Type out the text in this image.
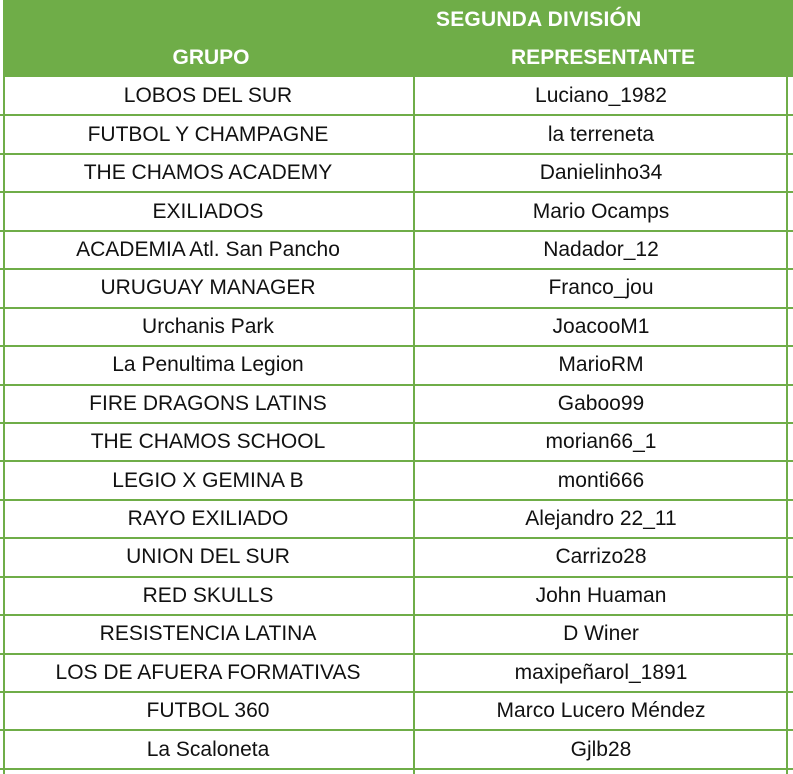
SEGUNDA DIVISIÓN
GRUPO	REPRESENTANTE
LOBOS DEL SUR	Luciano_1982
FUTBOL Y CHAMPAGNE	la terreneta
THE CHAMOS ACADEMY	Danielinho34
EXILIADOS	Mario Ocamps
ACADEMIA Atl. San Pancho	Nadador_12
URUGUAY MANAGER	Franco_jou
Urchanis Park	JoacooM1
La Penultima Legion	MarioRM
FIRE DRAGONS LATINS	Gaboo99
THE CHAMOS SCHOOL	morian66_1
LEGIO X GEMINA B	monti666
RAYO EXILIADO	Alejandro 22_11
UNION DEL SUR	Carrizo28
RED SKULLS	John Huaman
RESISTENCIA LATINA	D Winer
LOS DE AFUERA FORMATIVAS	maxipeñarol_1891
FUTBOL 360	Marco Lucero Méndez
La Scaloneta	Gjlb28
